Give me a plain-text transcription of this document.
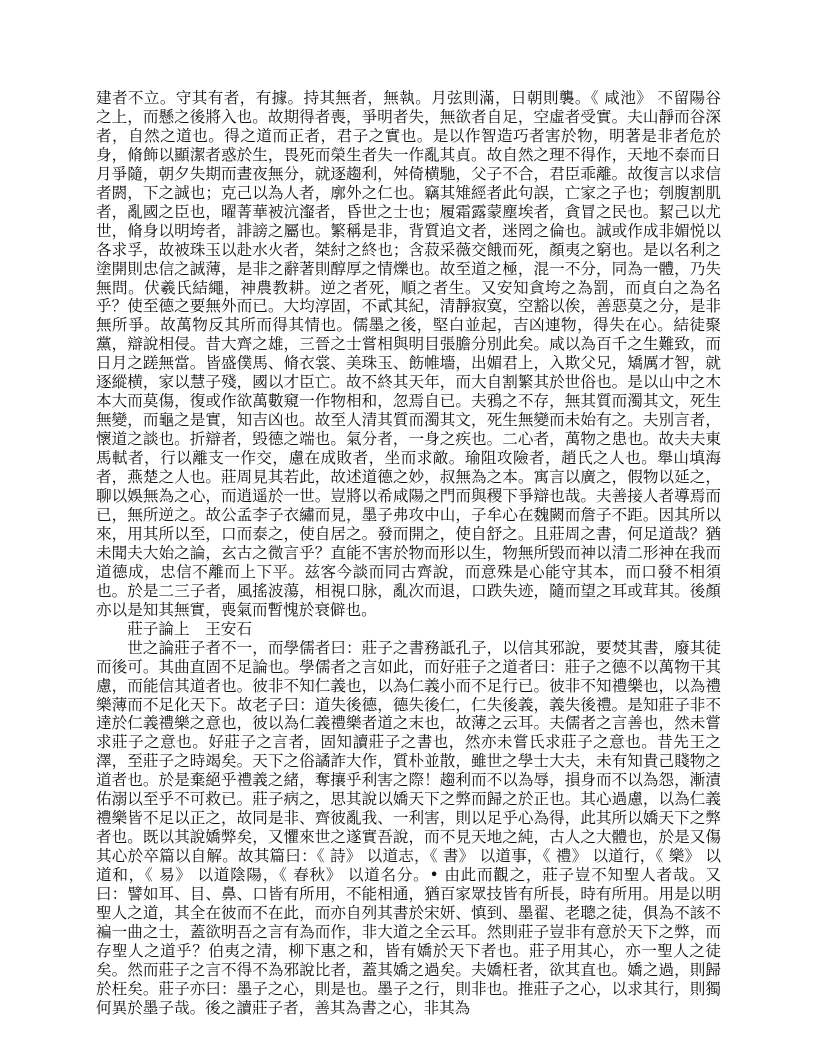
建者不立。守其有者，有據。持其無者，無執。月弦則滿，日朝則襲。《 咸池》 不留陽谷之上，而懸之後將入也。故期得者喪，爭明者失，無欲者自足，空虛者受實。夫山靜而谷深者，自然之道也。得之道而正者，君子之實也。是以作智造巧者害於物，明著是非者危於身，脩飾以顯潔者惑於生，畏死而榮生者失一作亂其貞。故自然之理不得作，天地不泰而日月爭隨，朝夕失期而晝夜無分，就逐趨利，舛倚横馳，父子不合，君臣乖離。故復言以求信者閼，下之誠也；克己以為人者，廓外之仁也。竊其雉經者此句誤，亡家之子也；刳腹割肌者，亂國之臣也，曜菁華被沆瀣者，昏世之士也；履霜露蒙塵埃者，貪冒之民也。絜己以尤世，脩身以明垮者，誹謗之屬也。繁稱是非，背質追文者，迷罔之倫也。誠或作成非媚悦以各求孚，故被珠玉以赴水火者，桀紂之終也；含菽采薇交餓而死，顏夷之窮也。是以名利之塗開則忠信之誠薄，是非之辭著則醇厚之情爍也。故至道之極，混一不分，同為一體，乃失無問。伏羲氏結繩，神農教耕。逆之者死，順之者生。又安知貪垮之為罰，而貞白之為名乎？使至德之要無外而已。大均淳固，不貳其紀，清靜寂寞，空豁以俟，善惡莫之分，是非無所爭。故萬物反其所而得其情也。儒墨之後，堅白並起，吉凶連物，得失在心。結徒聚黨，辯說相侵。昔大齊之雄，三晉之士嘗相與明目張膽分別此矣。咸以為百千之生難致，而日月之蹉無當。皆盛僕馬、脩衣裳、美珠玉、飭帷墻，出媚君上，入欺父兄，矯厲才智，就逐縱横，家以慧子殘，國以才臣亡。故不終其天年，而大自割繁其於世俗也。是以山中之木本大而莫傷，復或作欲萬數窺一作物相和，忽焉自已。夫鴉之不存，無其質而濁其文，死生無變，而龜之是實，知吉凶也。故至人清其質而濁其文，死生無變而未始有之。夫別言者，懷道之談也。折辯者，毁德之端也。氣分者，一身之疾也。二心者，萬物之患也。故夫夫東馬軾者，行以離支一作交，慮在成敗者，坐而求敵。瑜阻攻險者，趙氏之人也。舉山填海者，燕楚之人也。莊周見其若此，故述道德之妙，叔無為之本。寓言以廣之，假物以延之，聊以娛無為之心，而逍遥於一世。豈將以希咸陽之門而與稷下爭辯也哉。夫善接人者導焉而已，無所逆之。故公孟李子衣繡而見，墨子弗攻中山，子牟心在魏闕而詹子不距。因其所以來，用其所以至，口而泰之，使自居之。發而開之，使自舒之。且莊周之書，何足道哉？猶未聞夫大始之論，玄古之微言乎？直能不害於物而形以生，物無所毁而神以清二形神在我而道德成，忠信不離而上下平。兹客今談而同古齊說，而意殊是心能守其本，而口發不相須也。於是二三子者，風搖波蕩，相視口脉，亂次而退，口跌失迹，隨而望之耳或茸其。後顏亦以是知其無實，喪氣而暫愧於衰僻也。

莊子論上 王安石

世之論莊子者不一，而學儒者曰：莊子之書務詆孔子，以信其邪說，要焚其書，廢其徒而後可。其曲直固不足論也。學儒者之言如此，而好莊子之道者曰：莊子之德不以萬物干其慮，而能信其道者也。彼非不知仁義也，以為仁義小而不足行已。彼非不知禮樂也，以為禮樂薄而不足化天下。故老子曰：道失後德，德失後仁，仁失後義，義失後禮。是知莊子非不達於仁義禮樂之意也，彼以為仁義禮樂者道之末也，故薄之云耳。夫儒者之言善也，然未嘗求莊子之意也。好莊子之言者，固知讀莊子之書也，然亦未嘗氏求莊子之意也。昔先王之澤，至莊子之時竭矣。天下之俗譎詐大作，質朴並散，雖世之學士大夫，未有知貴己賤物之道者也。於是棄絕乎禮義之緒，奪攘乎利害之際！趨利而不以為辱，損身而不以為怨，漸漬佑溺以至乎不可救已。莊子病之，思其說以嬌天下之弊而歸之於正也。其心過慮，以為仁義禮樂皆不足以正之，故同是非、齊彼亂我、一利害，則以足乎心為得，此其所以嬌天下之弊者也。既以其說嬌弊矣，又懼來世之遂實吾說，而不見天地之純，古人之大體也，於是又傷其心於卒篇以自解。故其篇曰：《 詩》 以道志，《 書》 以道事，《 禮》 以道行，《 樂》 以道和，《 易》 以道陰陽，《 春秋》 以道名分。• 由此而觀之，莊子豈不知聖人者哉。又曰：譬如耳、目、鼻、口皆有所用，不能相通，猶百家眾技皆有所長，時有所用。用是以明聖人之道，其全在彼而不在此，而亦自列其書於宋妍、慎到、墨翟、老聰之徒，俱為不該不褊一曲之士，蓋欲明吾之言有為而作，非大道之全云耳。然則莊子豈非有意於天下之弊，而存聖人之道乎？伯夷之清，柳下惠之和，皆有嬌於天下者也。莊子用其心，亦一聖人之徒矣。然而莊子之言不得不為邪說比者，蓋其嬌之過矣。夫嬌枉者，欲其直也。嬌之過，則歸於枉矣。莊子亦曰：墨子之心，則是也。墨子之行，則非也。推莊子之心，以求其行，則獨何異於墨子哉。後之讀莊子者，善其為書之心，非其為
